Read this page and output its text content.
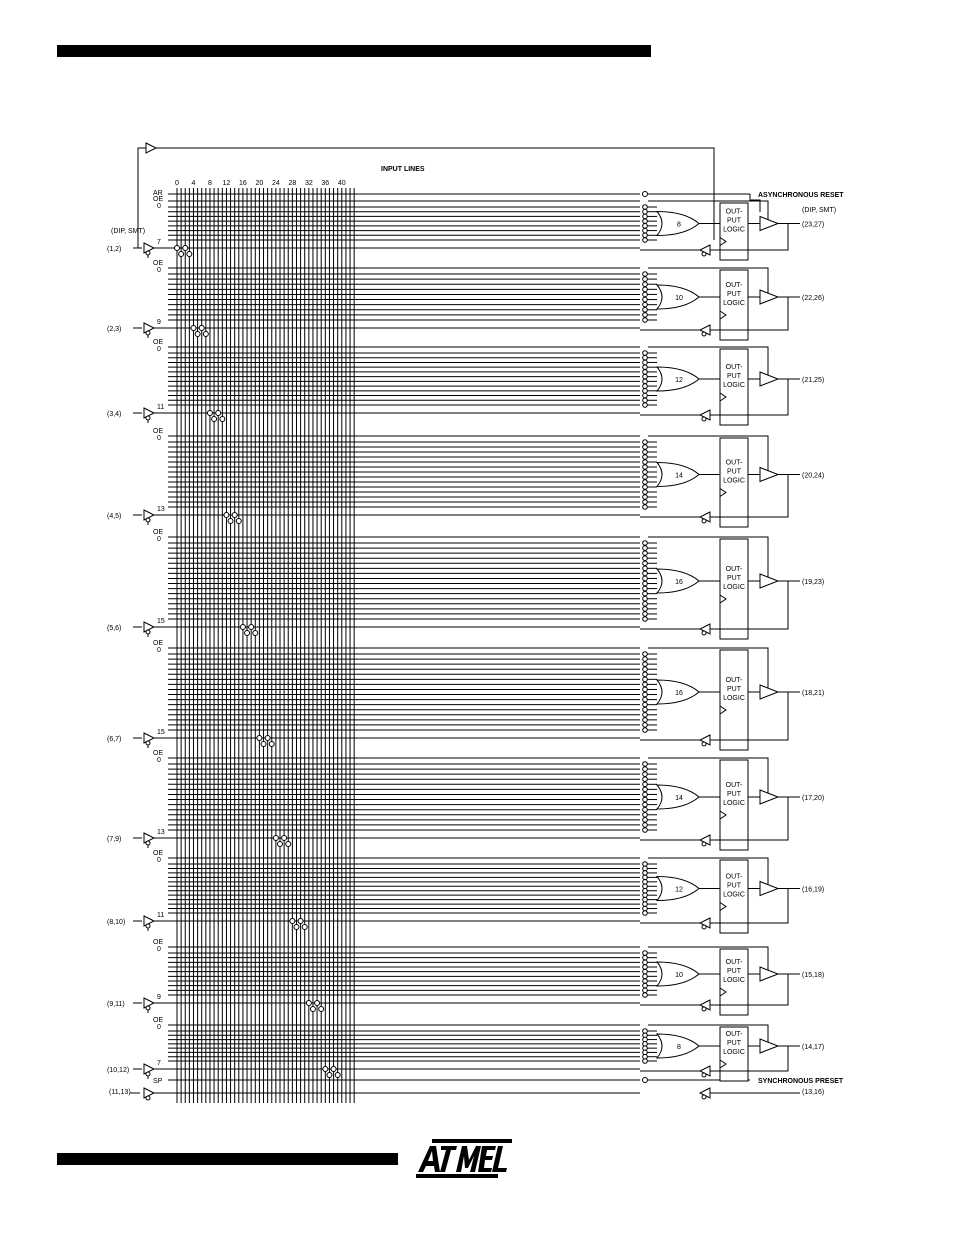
INPUT LINES
AR
OE
0
(DIP, SMT)
(DIP, SMT)
ASYNCHRONOUS RESET
SYNCHRONOUS PRESET
SP
(11,13)	(13,16)
0 4 8 12 16 20 24 28 32 36 40
(1,2)
7
8
OUT-
PUT
LOGIC
(23,27)
OE
0
(2,3)
9
10
OUT-
PUT
LOGIC
(22,26)
OE
0
(3,4)
11
12
OUT-
PUT
LOGIC
(21,25)
OE
0
(4,5)
13
14
OUT-
PUT
LOGIC
(20,24)
OE
0
(5,6)
15
16
OUT-
PUT
LOGIC
(19,23)
OE
0
(6,7)
15
16
OUT-
PUT
LOGIC
(18,21)
OE
0
(7,9)
13
14
OUT-
PUT
LOGIC
(17,20)
OE
0
(8,10)
11
12
OUT-
PUT
LOGIC
(16,19)
OE
0
(9,11)
9
10
OUT-
PUT
LOGIC
(15,18)
OE
0
(10,12)
7
8
OUT-
PUT
LOGIC
(14,17)
